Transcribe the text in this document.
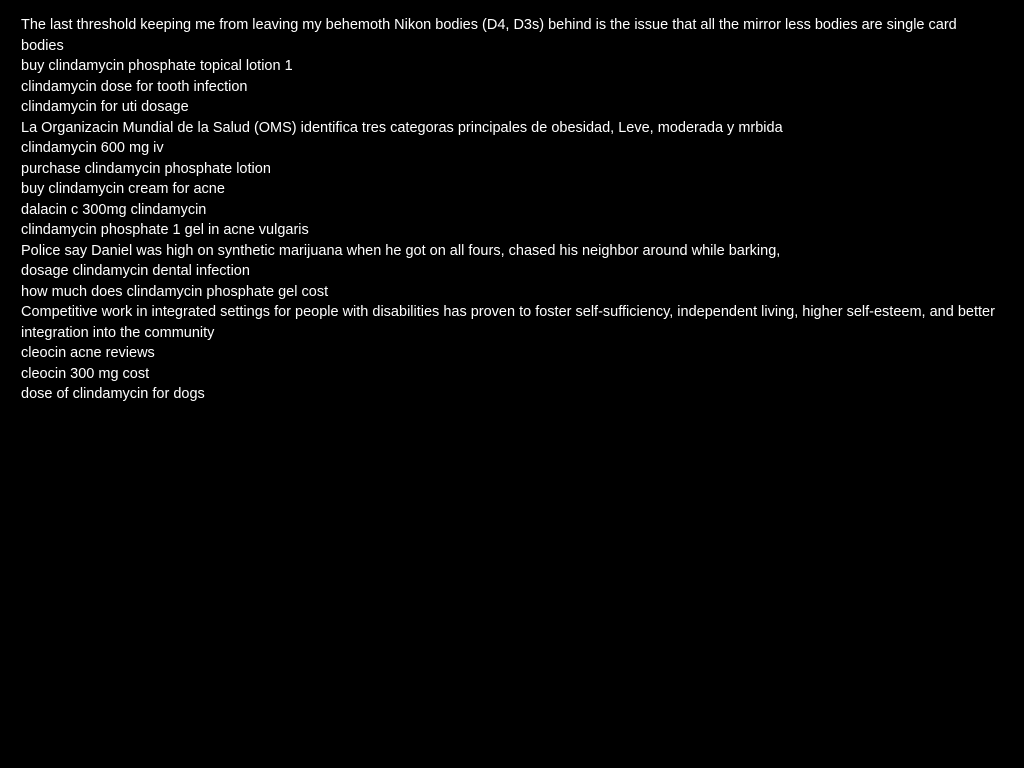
The last threshold keeping me from leaving my behemoth Nikon bodies (D4, D3s) behind is the issue that all the mirror less bodies are single card bodies
buy clindamycin phosphate topical lotion 1
clindamycin dose for tooth infection
clindamycin for uti dosage
La Organizacin Mundial de la Salud (OMS) identifica tres categoras principales de obesidad, Leve, moderada y mrbida
clindamycin 600 mg iv
purchase clindamycin phosphate lotion
buy clindamycin cream for acne
dalacin c 300mg clindamycin
clindamycin phosphate 1 gel in acne vulgaris
Police say Daniel was high on synthetic marijuana when he got on all fours, chased his neighbor around while barking,
dosage clindamycin dental infection
how much does clindamycin phosphate gel cost
Competitive work in integrated settings for people with disabilities has proven to foster self-sufficiency, independent living, higher self-esteem, and better integration into the community
cleocin acne reviews
cleocin 300 mg cost
dose of clindamycin for dogs
